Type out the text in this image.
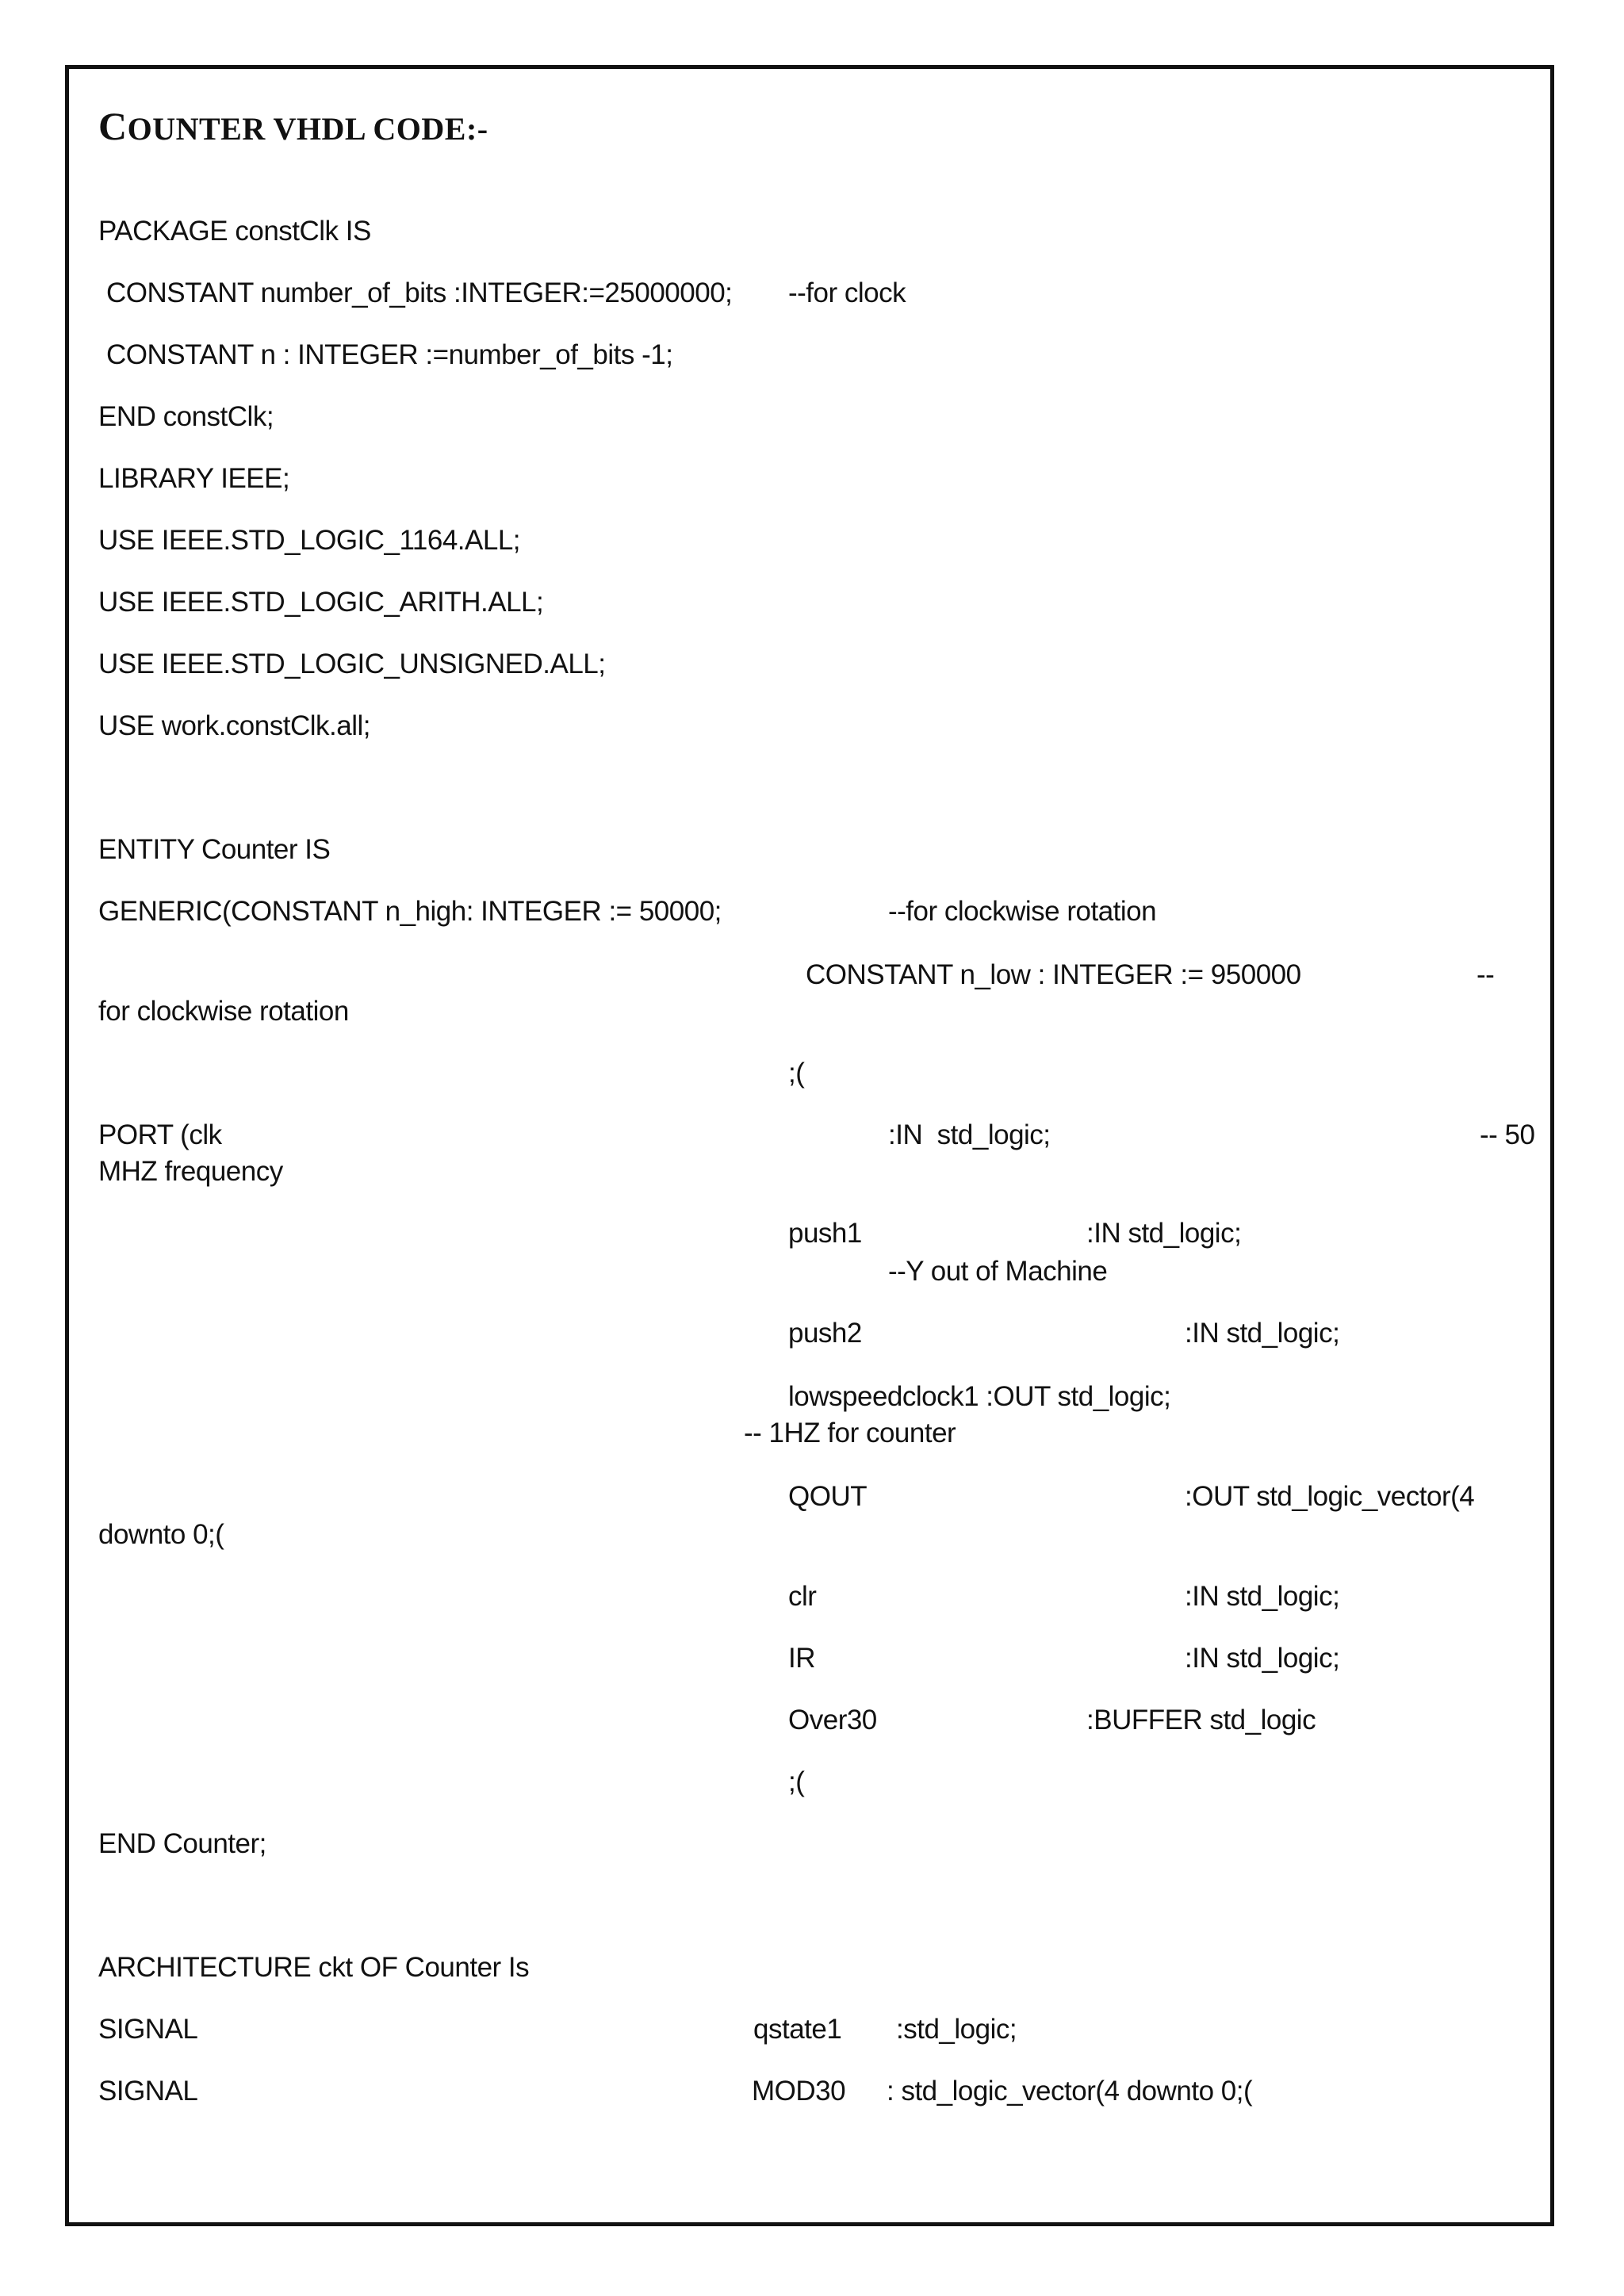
COUNTER VHDL CODE:-
PACKAGE constClk IS
CONSTANT number_of_bits :INTEGER:=25000000; --for clock
CONSTANT n : INTEGER :=number_of_bits -1;
END constClk;
LIBRARY IEEE;
USE IEEE.STD_LOGIC_1164.ALL;
USE IEEE.STD_LOGIC_ARITH.ALL;
USE IEEE.STD_LOGIC_UNSIGNED.ALL;
USE work.constClk.all;
ENTITY Counter IS
GENERIC(CONSTANT n_high: INTEGER := 50000;	--for clockwise rotation
CONSTANT n_low : INTEGER := 950000	--
for clockwise rotation
;(
PORT (clk	:IN  std_logic;	-- 50
MHZ frequency
push1	:IN std_logic;
--Y out of Machine
push2	:IN std_logic;
lowspeedclock1 :OUT std_logic;
-- 1HZ for counter
QOUT	:OUT std_logic_vector(4
downto 0;(
clr	:IN std_logic;
IR	:IN std_logic;
Over30	:BUFFER std_logic
;(
END Counter;
ARCHITECTURE ckt OF Counter Is
SIGNAL	qstate1 :std_logic;
SIGNAL	MOD30 : std_logic_vector(4 downto 0;(
